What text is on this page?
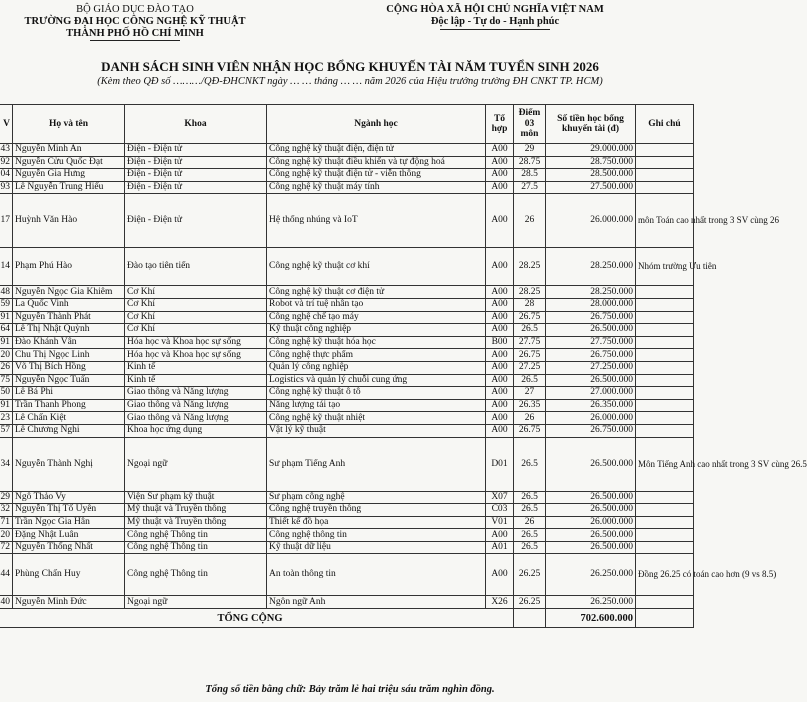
BỘ GIÁO DỤC ĐÀO TẠO
TRƯỜNG ĐẠI HỌC CÔNG NGHỆ KỸ THUẬT
THÀNH PHỐ HỒ CHÍ MINH
CỘNG HÒA XÃ HỘI CHỦ NGHĨA VIỆT NAM
Độc lập - Tự do - Hạnh phúc
DANH SÁCH SINH VIÊN NHẬN HỌC BỔNG KHUYẾN TÀI NĂM TUYỂN SINH 2026
(Kèm theo QĐ số ………/QĐ-ĐHCNKT ngày … … tháng … … năm 2026 của Hiệu trưởng trường ĐH CNKT TP. HCM)
V	Họ và tên	Khoa	Ngành học	Tổ hợp	Điểm 03 môn	Số tiền học bổng khuyến tài (đ)	Ghi chú
43	Nguyễn Minh An	Điện - Điện tử	Công nghệ kỹ thuật điện, điện tử	A00	29	29.000.000	
92	Nguyễn Cửu Quốc Đạt	Điện - Điện tử	Công nghệ kỹ thuật điều khiển và tự động hoá	A00	28.75	28.750.000	
04	Nguyễn Gia Hưng	Điện - Điện tử	Công nghệ kỹ thuật điện tử - viễn thông	A00	28.5	28.500.000	
93	Lê Nguyễn Trung Hiếu	Điện - Điện tử	Công nghệ kỹ thuật máy tính	A00	27.5	27.500.000	
17	Huỳnh Văn Hào	Điện - Điện tử	Hệ thống nhúng và IoT	A00	26	26.000.000	môn Toán cao nhất trong 3 SV cùng 26
14	Phạm Phú Hào	Đào tạo tiên tiến	Công nghệ kỹ thuật cơ khí	A00	28.25	28.250.000	Nhóm trường Ưu tiên
48	Nguyễn Ngọc Gia Khiêm	Cơ Khí	Công nghệ kỹ thuật cơ điện tử	A00	28.25	28.250.000	
59	La Quốc Vinh	Cơ Khí	Robot và trí tuệ nhân tạo	A00	28	28.000.000	
91	Nguyễn Thành Phát	Cơ Khí	Công nghệ chế tạo máy	A00	26.75	26.750.000	
64	Lê Thị Nhật Quỳnh	Cơ Khí	Kỹ thuật công nghiệp	A00	26.5	26.500.000	
91	Đào Khánh Vân	Hóa học và Khoa học sự sống	Công nghệ kỹ thuật hóa học	B00	27.75	27.750.000	
20	Chu Thị Ngọc Linh	Hóa học và Khoa học sự sống	Công nghệ thực phẩm	A00	26.75	26.750.000	
26	Võ Thị Bích Hồng	Kinh tế	Quản lý công nghiệp	A00	27.25	27.250.000	
75	Nguyễn Ngọc Tuấn	Kinh tế	Logistics và quản lý chuỗi cung ứng	A00	26.5	26.500.000	
50	Lê Bá Phi	Giao thông và Năng lượng	Công nghệ kỹ thuật ô tô	A00	27	27.000.000	
91	Trần Thanh Phong	Giao thông và Năng lượng	Năng lượng tái tạo	A00	26.35	26.350.000	
23	Lê Chấn Kiệt	Giao thông và Năng lượng	Công nghệ kỹ thuật nhiệt	A00	26	26.000.000	
57	Lê Chương Nghi	Khoa học ứng dụng	Vật lý kỹ thuật	A00	26.75	26.750.000	
34	Nguyễn Thành Nghị	Ngoại ngữ	Sư phạm Tiếng Anh	D01	26.5	26.500.000	Môn Tiếng Anh cao nhất trong 3 SV cùng 26.5
29	Ngô Thảo Vy	Viện Sư phạm kỹ thuật	Sư phạm công nghệ	X07	26.5	26.500.000	
32	Nguyễn Thị Tố Uyên	Mỹ thuật và Truyền thông	Công nghệ truyền thông	C03	26.5	26.500.000	
71	Trần Ngọc Gia Hân	Mỹ thuật và Truyền thông	Thiết kế đồ họa	V01	26	26.000.000	
20	Đặng Nhật Luân	Công nghệ Thông tin	Công nghệ thông tin	A00	26.5	26.500.000	
72	Nguyễn Thống Nhất	Công nghệ Thông tin	Kỹ thuật dữ liệu	A01	26.5	26.500.000	
44	Phùng Chấn Huy	Công nghệ Thông tin	An toàn thông tin	A00	26.25	26.250.000	Đồng 26.25 có toán cao hơn (9 vs 8.5)
40	Nguyễn Minh Đức	Ngoại ngữ	Ngôn ngữ Anh	X26	26.25	26.250.000	
TỔNG CỘNG						702.600.000	
Tổng số tiền bằng chữ: Bảy trăm lẻ hai triệu sáu trăm nghìn đồng.
